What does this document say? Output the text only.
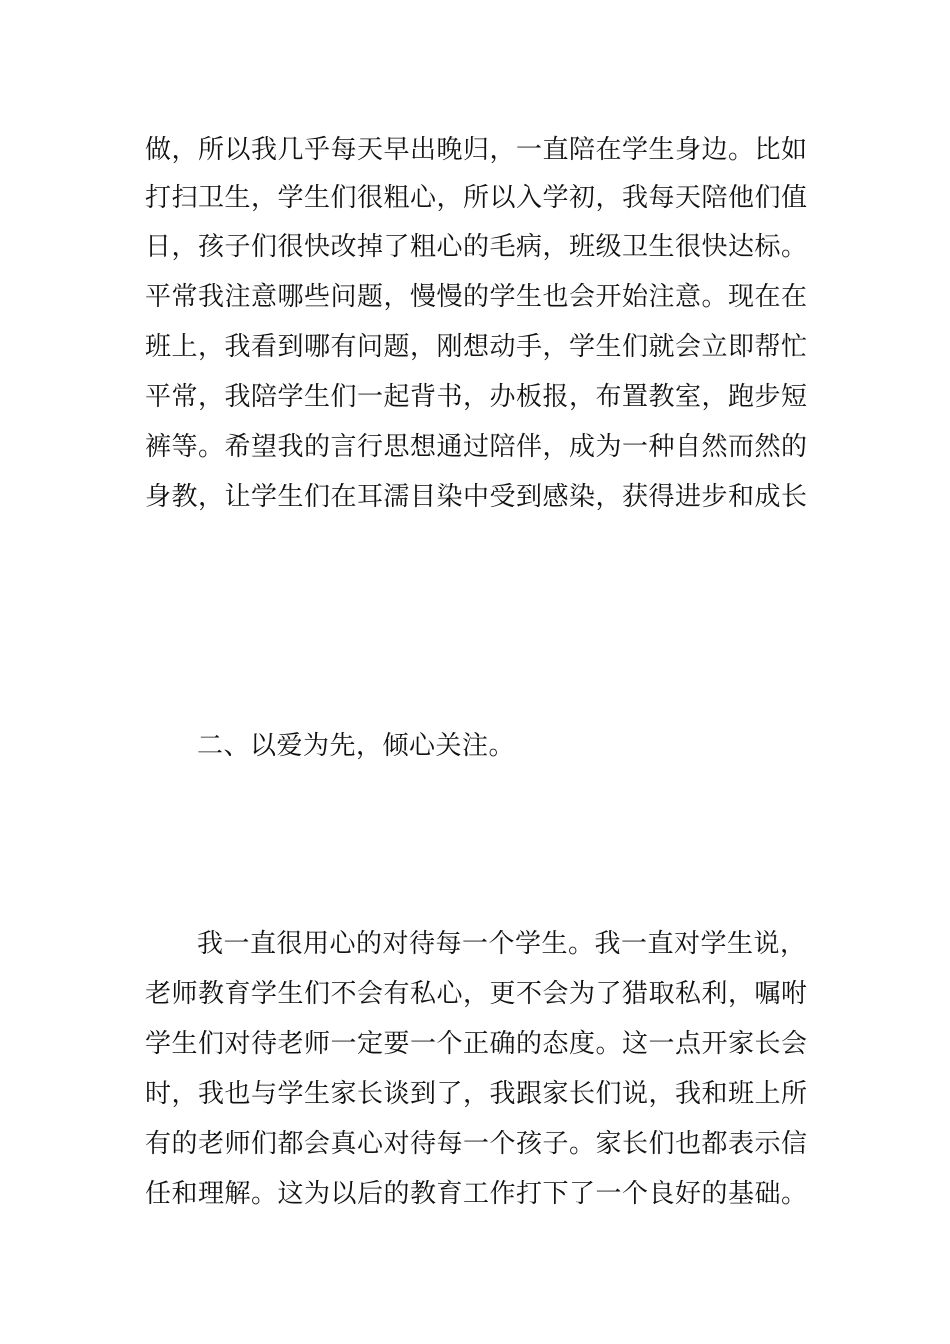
做，所以我几乎每天早出晚归，一直陪在学生身边。比如
打扫卫生，学生们很粗心，所以入学初，我每天陪他们值
日，孩子们很快改掉了粗心的毛病，班级卫生很快达标。
平常我注意哪些问题，慢慢的学生也会开始注意。现在在
班上，我看到哪有问题，刚想动手，学生们就会立即帮忙
平常，我陪学生们一起背书，办板报，布置教室，跑步短
裤等。希望我的言行思想通过陪伴，成为一种自然而然的
身教，让学生们在耳濡目染中受到感染，获得进步和成长
二、以爱为先，倾心关注。
我一直很用心的对待每一个学生。我一直对学生说，
老师教育学生们不会有私心，更不会为了猎取私利，嘱咐
学生们对待老师一定要一个正确的态度。这一点开家长会
时，我也与学生家长谈到了，我跟家长们说，我和班上所
有的老师们都会真心对待每一个孩子。家长们也都表示信
任和理解。这为以后的教育工作打下了一个良好的基础。
